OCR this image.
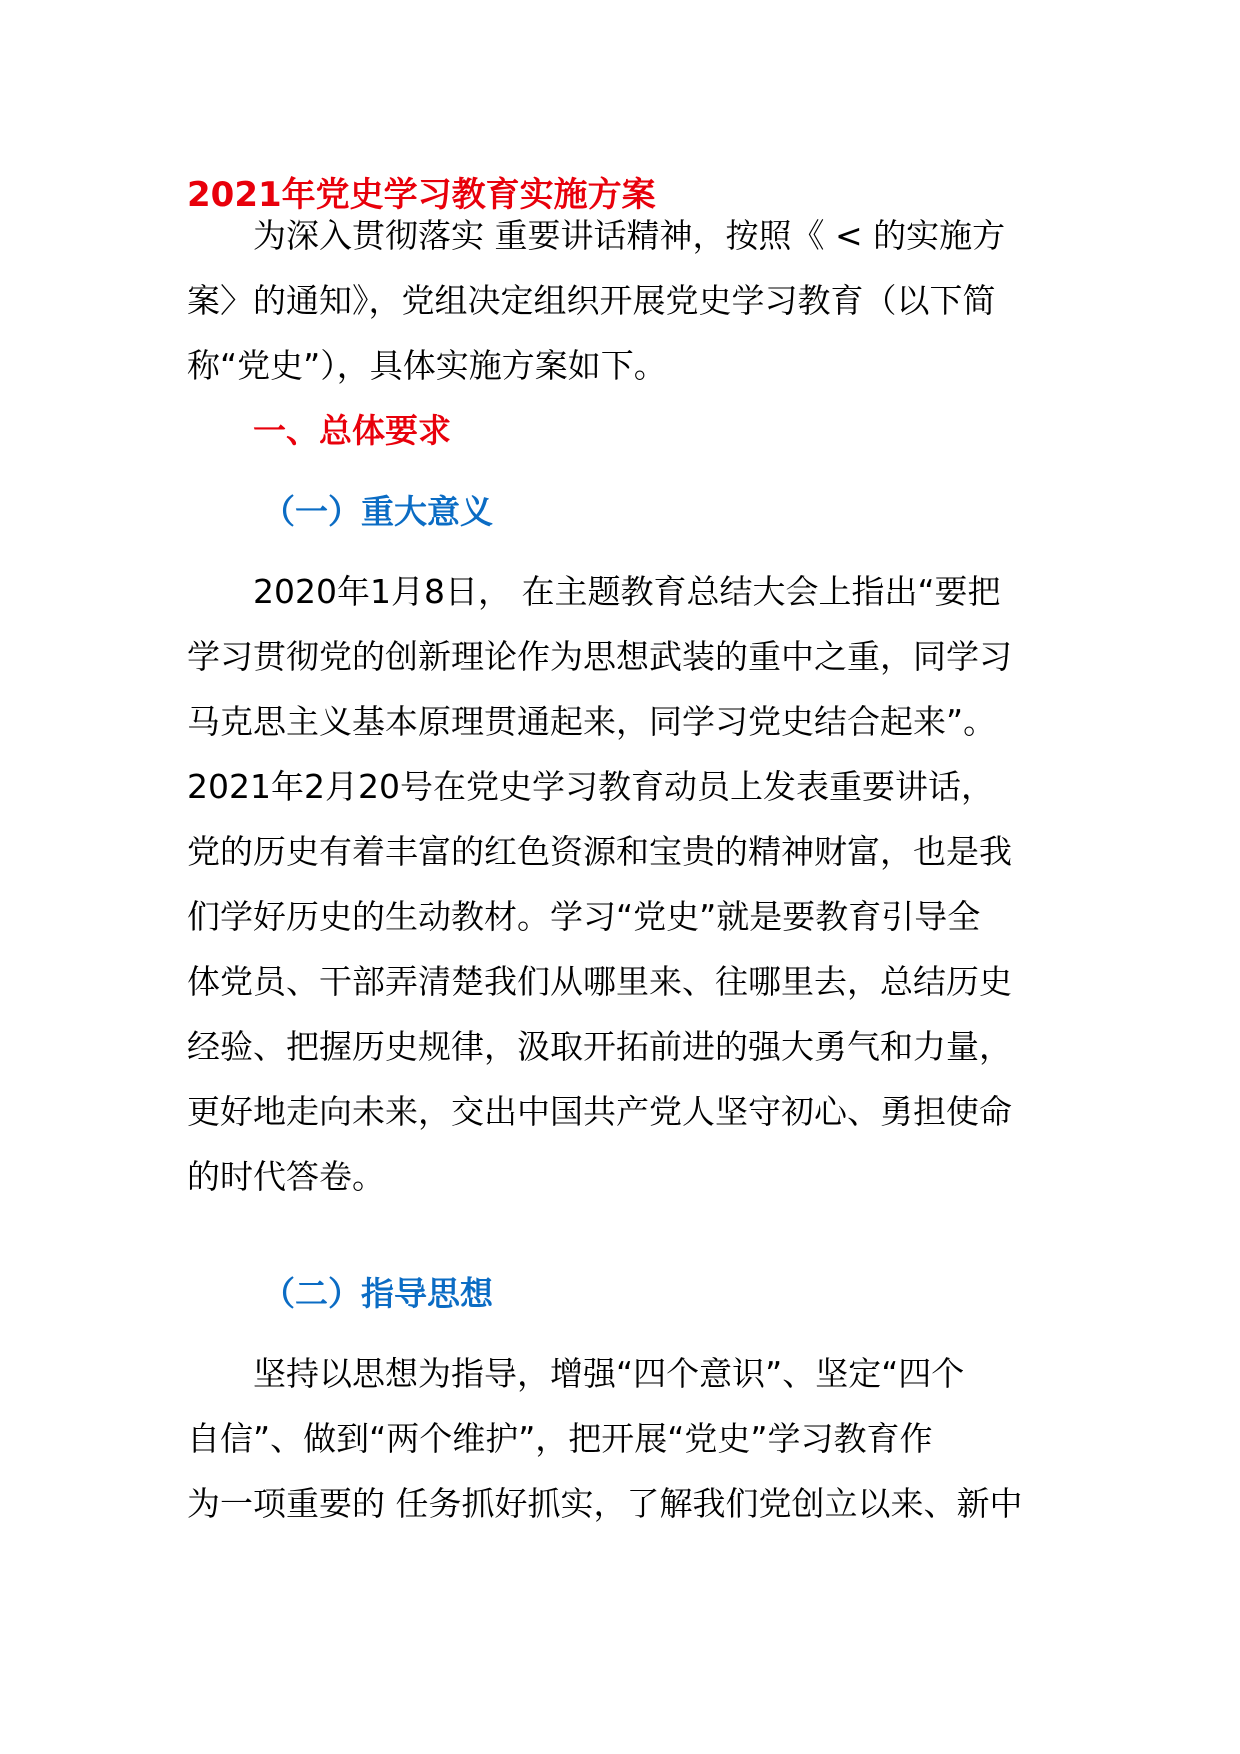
2021年党史学习教育实施方案
为深入贯彻落实 重要讲话精神，按照《 < 的实施方
案〉的通知》，党组决定组织开展党史学习教育（以下简
称“党史”），具体实施方案如下。
一、总体要求
（一）重大意义
2020年1月8日， 在主题教育总结大会上指出“要把
学习贯彻党的创新理论作为思想武装的重中之重，同学习
马克思主义基本原理贯通起来，同学习党史结合起来”。
2021年2月20号在党史学习教育动员上发表重要讲话，
党的历史有着丰富的红色资源和宝贵的精神财富，也是我
们学好历史的生动教材。学习“党史”就是要教育引导全
体党员、干部弄清楚我们从哪里来、往哪里去，总结历史
经验、把握历史规律，汲取开拓前进的强大勇气和力量，
更好地走向未来，交出中国共产党人坚守初心、勇担使命
的时代答卷。
（二）指导思想
坚持以思想为指导，增强“四个意识”、坚定“四个
自信”、做到“两个维护”，把开展“党史”学习教育作
为一项重要的 任务抓好抓实，了解我们党创立以来、新中
